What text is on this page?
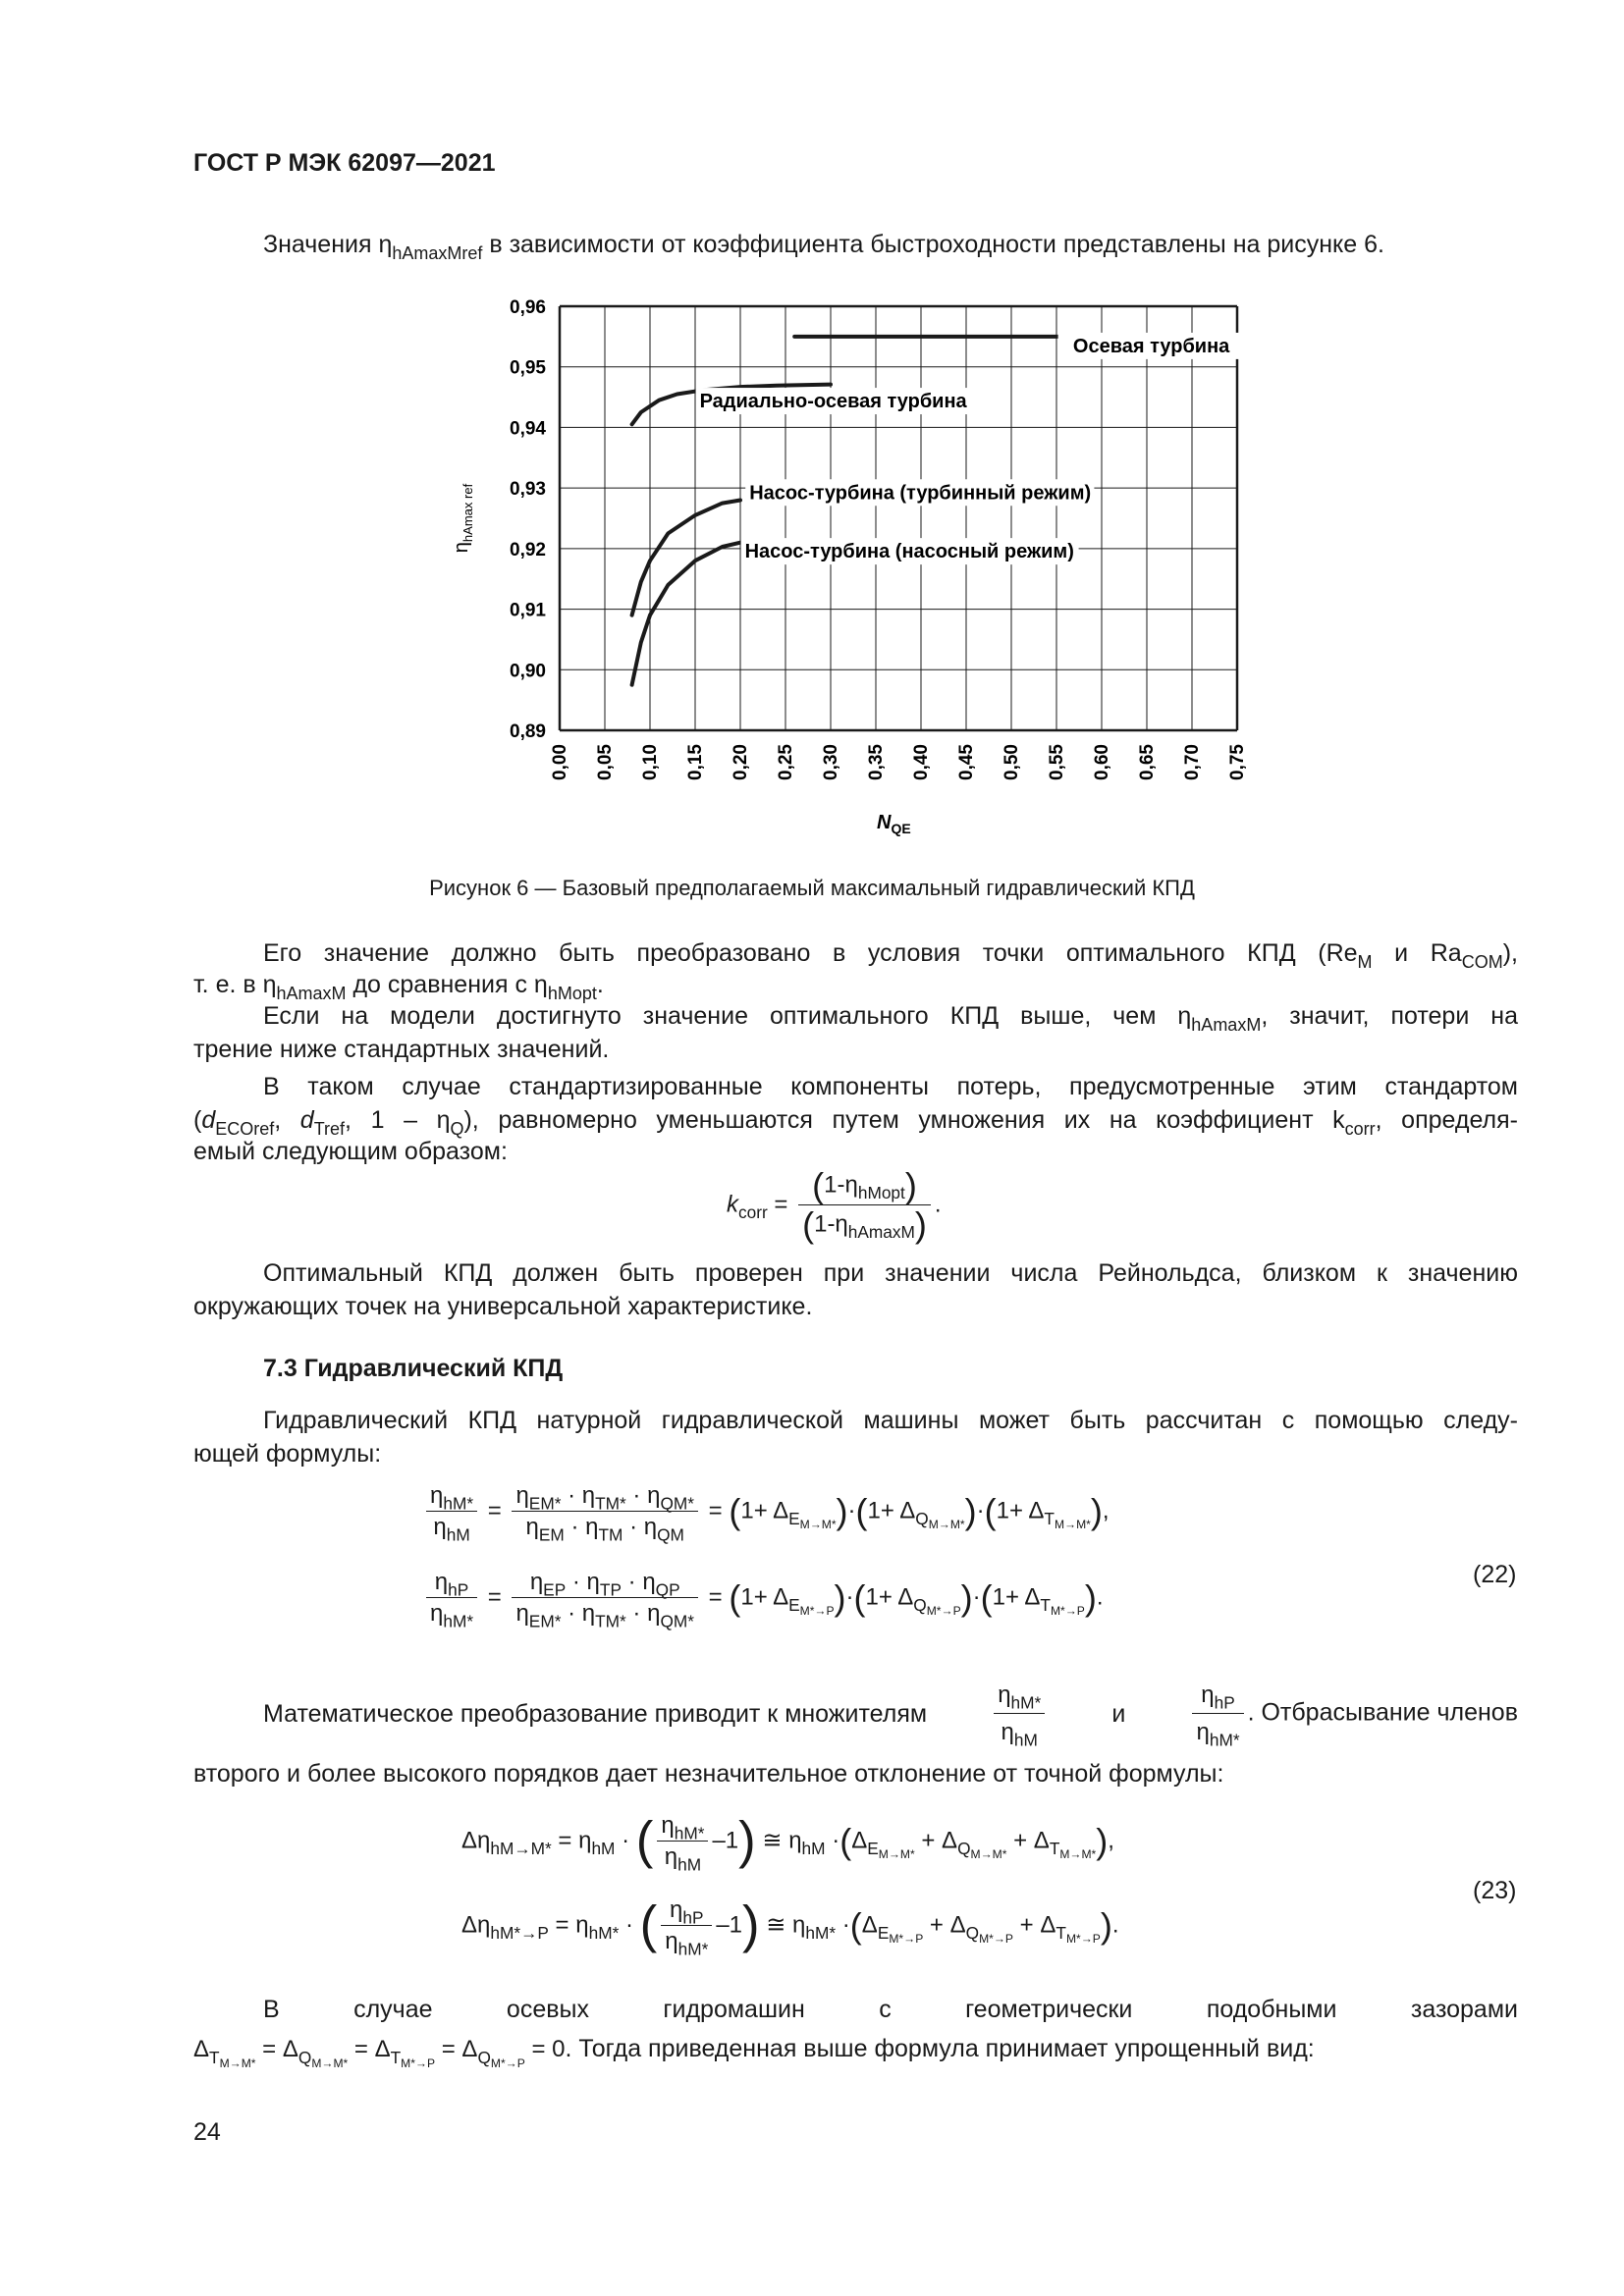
ГОСТ Р МЭК 62097—2021
Значения $\eta_{hAmaxMref}$ в зависимости от коэффициента быстроходности представлены на рисунке 6.
0,96
0,95
0,94
0,93
0,92
0,91
0,90
0,89
0,00 0,05 0,10 0,15 0,20 0,25 0,30 0,35 0,40 0,45 0,50 0,55 0,60 0,65 0,70 0,75
Осевая турбина
Радиально-осевая турбина
Насос-турбина (турбинный режим)
Насос-турбина (насосный режим)
$N_{QE}$
$\eta_{hAmax ref}$
Рисунок 6 — Базовый предполагаемый максимальный гидравлический КПД
Его значение должно быть преобразовано в условия точки оптимального КПД ($Re_M$ и $Ra_{COM}$),
т. е. в $\eta_{hAmaxM}$ до сравнения с $\eta_{hMopt}$.
Если на модели достигнуто значение оптимального КПД выше, чем $\eta_{hAmaxM}$, значит, потери на
трение ниже стандартных значений.
В таком случае стандартизированные компоненты потерь, предусмотренные этим стандартом
($d_{ECOref}$, $d_{Tref}$, $1 - \eta_Q$), равномерно уменьшаются путем умножения их на коэффициент $k_{corr}$, определя-
емый следующим образом:
$k_{corr} = \frac{(1-\eta_{hMopt})}{(1-\eta_{hAmaxM})}$ .
Оптимальный КПД должен быть проверен при значении числа Рейнольдса, близком к значению
окружающих точек на универсальной характеристике.
7.3 Гидравлический КПД
Гидравлический КПД натурной гидравлической машины может быть рассчитан с помощью следу-
ющей формулы:
$\frac{\eta_{hM*}}{\eta_{hM}} = \frac{\eta_{EM*} \cdot \eta_{TM*} \cdot \eta_{QM*}}{\eta_{EM} \cdot \eta_{TM} \cdot \eta_{QM}} = (1+ \Delta_{E_{M\to M*}})\cdot(1+ \Delta_{Q_{M\to M*}})\cdot(1+ \Delta_{T_{M\to M*}})$,
$\frac{\eta_{hP}}{\eta_{hM*}} = \frac{\eta_{EP} \cdot \eta_{TP} \cdot \eta_{QP}}{\eta_{EM*} \cdot \eta_{TM*} \cdot \eta_{QM*}} = (1+ \Delta_{E_{M*\to P}})\cdot(1+ \Delta_{Q_{M*\to P}})\cdot(1+ \Delta_{T_{M*\to P}})$.
(22)
Математическое преобразование приводит к множителям	$\frac{\eta_{hM*}}{\eta_{hM}}$	и	$\frac{\eta_{hP}}{\eta_{hM*}}$ . Отбрасывание членов
второго и более высокого порядков дает незначительное отклонение от точной формулы:
$\Delta\eta_{hM\to M*} = \eta_{hM}$ · ( $\frac{\eta_{hM*}}{\eta_{hM}} -1$) ≅ $\eta_{hM} \cdot(\Delta_{E_{M\to M*}} + \Delta_{Q_{M\to M*}} + \Delta_{T_{M\to M*}})$,
$\Delta\eta_{hM*\to P} = \eta_{hM*}$ · ( $\frac{\eta_{hP}}{\eta_{hM*}} -1$) ≅ $\eta_{hM*} \cdot(\Delta_{E_{M*\to P}} + \Delta_{Q_{M*\to P}} + \Delta_{T_{M*\to P}})$.
(23)
В	случае	осевых	гидромашин	с	геометрически	подобными	зазорами
$\Delta_{T_{M\to M*}} = \Delta_{Q_{M\to M*}} = \Delta_{T_{M*\to P}} = \Delta_{Q_{M*\to P}} = 0$. Тогда приведенная выше формула принимает упрощенный вид:
24
